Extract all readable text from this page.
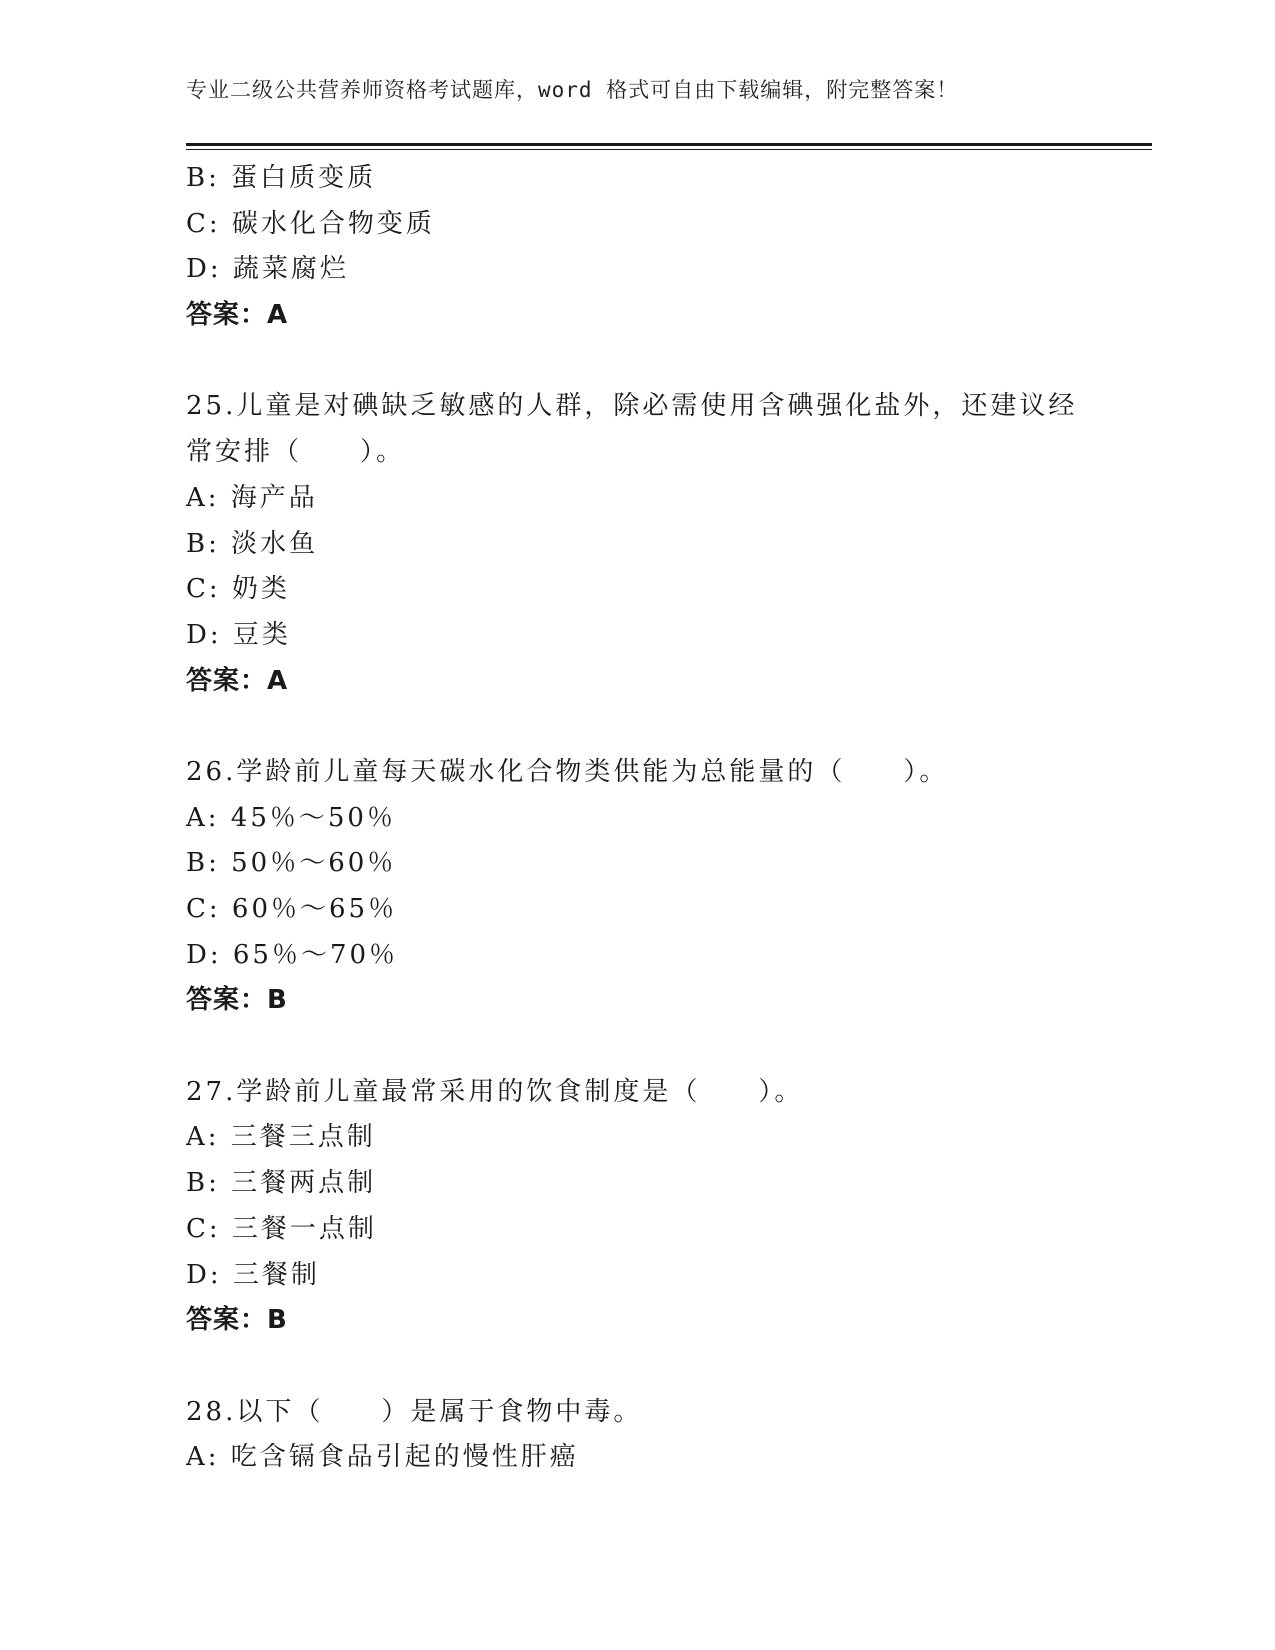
专业二级公共营养师资格考试题库，word 格式可自由下载编辑，附完整答案！
B: 蛋白质变质
C: 碳水化合物变质
D: 蔬菜腐烂
答案：A
25.儿童是对碘缺乏敏感的人群，除必需使用含碘强化盐外，还建议经
常安排（　　）。
A: 海产品
B: 淡水鱼
C: 奶类
D: 豆类
答案：A
26.学龄前儿童每天碳水化合物类供能为总能量的（　　）。
A: 45％～50％
B: 50％～60％
C: 60％～65％
D: 65％～70％
答案：B
27.学龄前儿童最常采用的饮食制度是（　　）。
A: 三餐三点制
B: 三餐两点制
C: 三餐一点制
D: 三餐制
答案：B
28.以下（　　）是属于食物中毒。
A: 吃含镉食品引起的慢性肝癌
